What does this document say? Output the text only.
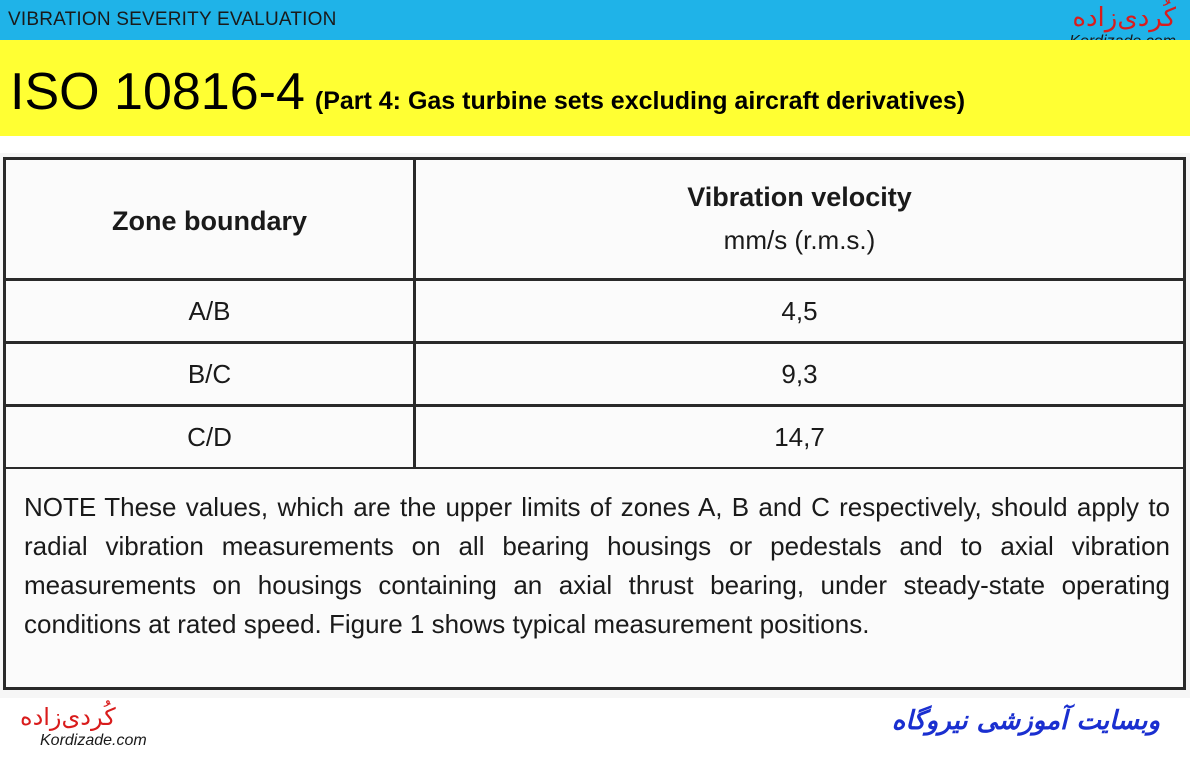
VIBRATION SEVERITY EVALUATION	کُردی‌زاده
ISO 10816-4 (Part 4: Gas turbine sets excluding aircraft derivatives)
Zone boundary	Vibration velocity
mm/s (r.m.s.)

A/B	4,5
B/C	9,3
C/D	14,7
NOTE These values, which are the upper limits of zones A, B and C respectively, should apply to radial vibration measurements on all bearing housings or pedestals and to axial vibration measurements on housings containing an axial thrust bearing, under steady-state operating conditions at rated speed. Figure 1 shows typical measurement positions.
کُردی‌زاده
Kordizade.com
وبسایت آموزشی نیروگاه
